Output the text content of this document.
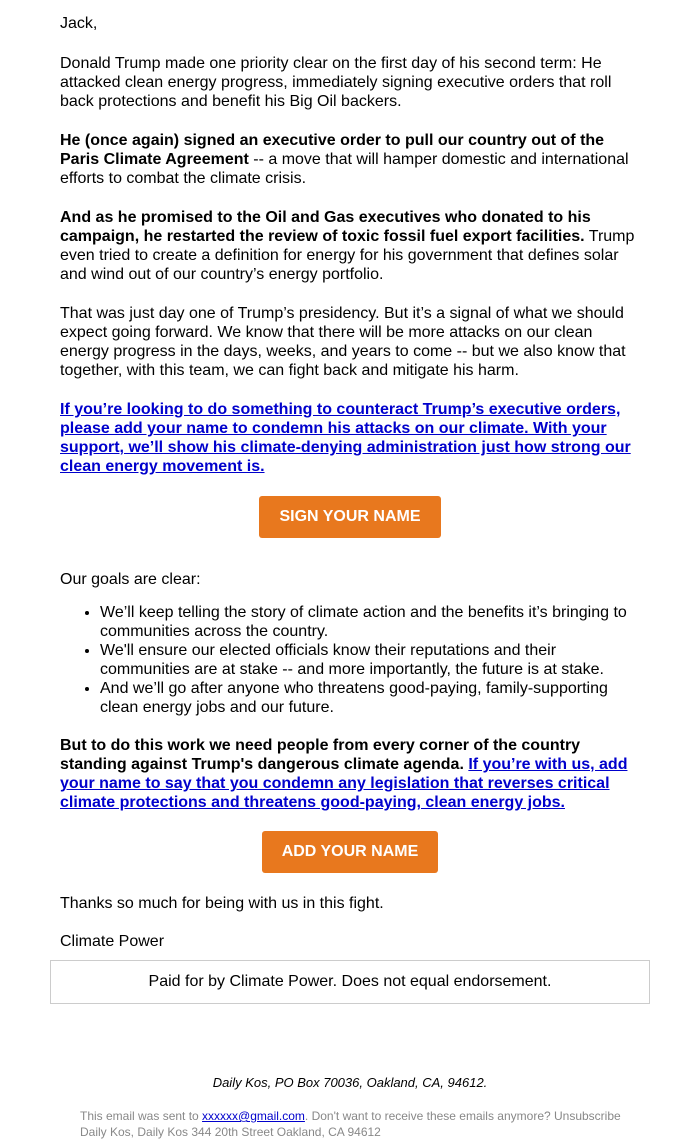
Jack,

Donald Trump made one priority clear on the first day of his second term: He attacked clean energy progress, immediately signing executive orders that roll back protections and benefit his Big Oil backers.

He (once again) signed an executive order to pull our country out of the Paris Climate Agreement -- a move that will hamper domestic and international efforts to combat the climate crisis.

And as he promised to the Oil and Gas executives who donated to his campaign, he restarted the review of toxic fossil fuel export facilities. Trump even tried to create a definition for energy for his government that defines solar and wind out of our country’s energy portfolio.

That was just day one of Trump’s presidency. But it’s a signal of what we should expect going forward. We know that there will be more attacks on our clean energy progress in the days, weeks, and years to come -- but we also know that together, with this team, we can fight back and mitigate his harm.

If you’re looking to do something to counteract Trump’s executive orders, please add your name to condemn his attacks on our climate. With your support, we’ll show his climate-denying administration just how strong our clean energy movement is.

Our goals are clear:

• We’ll keep telling the story of climate action and the benefits it’s bringing to communities across the country.
• We'll ensure our elected officials know their reputations and their communities are at stake -- and more importantly, the future is at stake.
• And we’ll go after anyone who threatens good-paying, family-supporting clean energy jobs and our future.

But to do this work we need people from every corner of the country standing against Trump's dangerous climate agenda. If you’re with us, add your name to say that you condemn any legislation that reverses critical climate protections and threatens good-paying, clean energy jobs.

Thanks so much for being with us in this fight.

Climate Power

SIGN YOUR NAME
ADD YOUR NAME
Paid for by Climate Power. Does not equal endorsement.
Daily Kos, PO Box 70036, Oakland, CA, 94612.
This email was sent to xxxxxx@gmail.com. Don't want to receive these emails anymore? Unsubscribe
Daily Kos, Daily Kos 344 20th Street Oakland, CA 94612
